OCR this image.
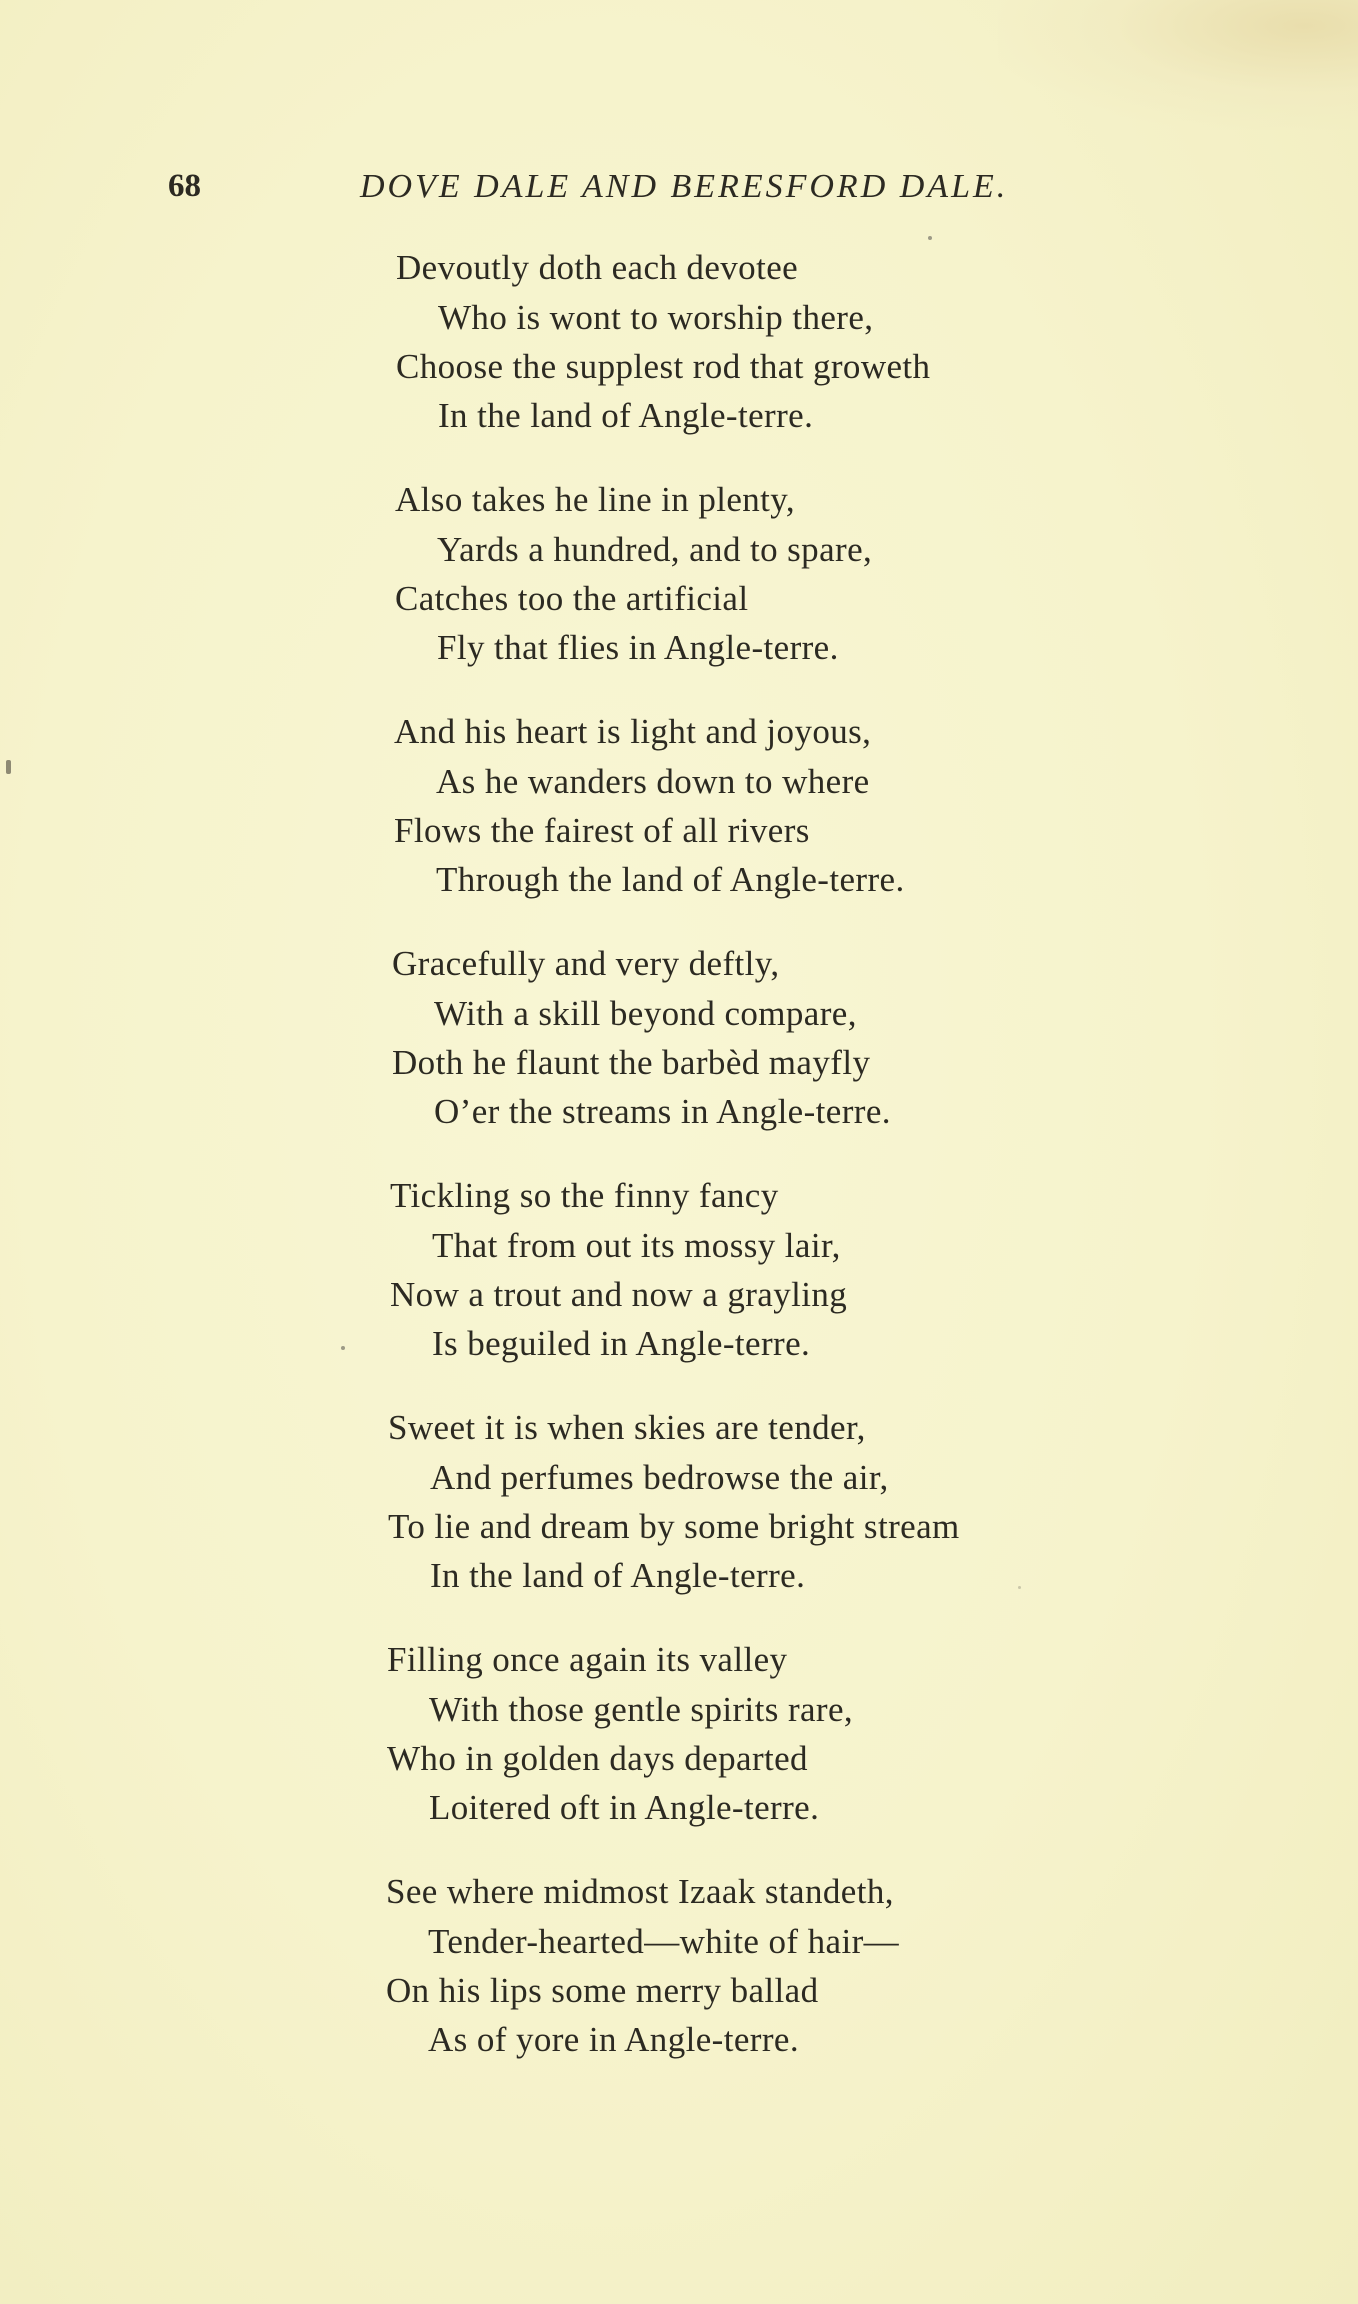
68	DOVE DALE AND BERESFORD DALE.
Devoutly doth each devotee
Who is wont to worship there,
Choose the supplest rod that groweth
In the land of Angle-terre.
Also takes he line in plenty,
Yards a hundred, and to spare,
Catches too the artificial
Fly that flies in Angle-terre.
And his heart is light and joyous,
As he wanders down to where
Flows the fairest of all rivers
Through the land of Angle-terre.
Gracefully and very deftly,
With a skill beyond compare,
Doth he flaunt the barbèd mayfly
O’er the streams in Angle-terre.
Tickling so the finny fancy
That from out its mossy lair,
Now a trout and now a grayling
Is beguiled in Angle-terre.
Sweet it is when skies are tender,
And perfumes bedrowse the air,
To lie and dream by some bright stream
In the land of Angle-terre.
Filling once again its valley
With those gentle spirits rare,
Who in golden days departed
Loitered oft in Angle-terre.
See where midmost Izaak standeth,
Tender-hearted—white of hair—
On his lips some merry ballad
As of yore in Angle-terre.
